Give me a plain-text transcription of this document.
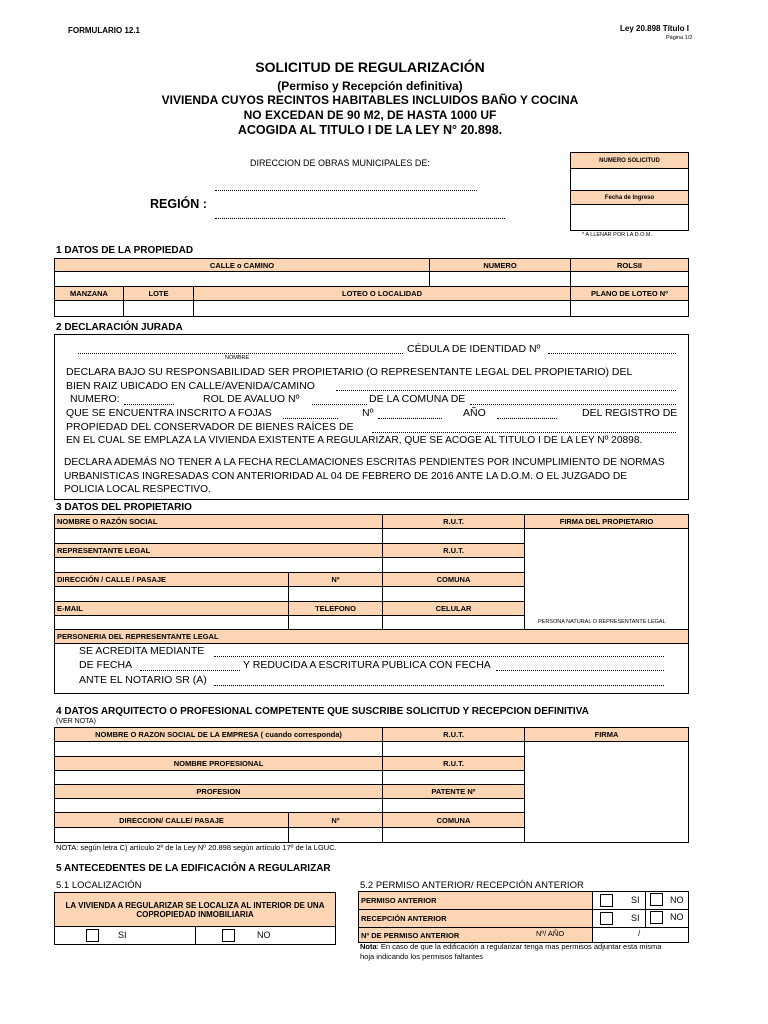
FORMULARIO 12.1	Ley 20.898 Título I
Página 1/2
SOLICITUD DE REGULARIZACIÓN
(Permiso y Recepción definitiva)
VIVIENDA CUYOS RECINTOS HABITABLES INCLUIDOS BAÑO Y COCINA
NO EXCEDAN DE 90 M2, DE HASTA 1000 UF
ACOGIDA AL TITULO I DE LA LEY N° 20.898.
DIRECCION DE OBRAS MUNICIPALES DE:
REGIÓN :
NUMERO SOLICITUD
Fecha de Ingreso
* A LLENAR POR LA D.O.M.
1 DATOS DE LA PROPIEDAD
CALLE o CAMINO	NUMERO	ROLSII
MANZANA	LOTE	LOTEO O LOCALIDAD	PLANO DE LOTEO Nº
2 DECLARACIÓN JURADA
NOMBRE
CÉDULA DE IDENTIDAD Nº
DECLARA BAJO SU RESPONSABILIDAD SER PROPIETARIO (O REPRESENTANTE LEGAL DEL PROPIETARIO) DEL
BIEN RAIZ UBICADO EN CALLE/AVENIDA/CAMINO
NUMERO:	ROL DE AVALUO Nº	DE LA COMUNA DE
QUE SE ENCUENTRA INSCRITO A FOJAS	Nº	AÑO	DEL REGISTRO DE
PROPIEDAD DEL CONSERVADOR DE BIENES RAÍCES DE
EN EL CUAL SE EMPLAZA LA VIVIENDA EXISTENTE A REGULARIZAR, QUE SE ACOGE AL TITULO I DE LA LEY Nº 20898.
DECLARA ADEMÁS NO TENER A LA FECHA RECLAMACIONES ESCRITAS PENDIENTES POR INCUMPLIMIENTO DE NORMAS
URBANISTICAS INGRESADAS CON ANTERIORIDAD AL 04 DE FEBRERO DE 2016 ANTE LA D.O.M. O EL JUZGADO DE
POLICIA LOCAL RESPECTIVO.
3 DATOS DEL PROPIETARIO
NOMBRE O RAZÓN SOCIAL	R.U.T.	FIRMA DEL PROPIETARIO
PERSONA NATURAL O REPRESENTANTE LEGAL
REPRESENTANTE LEGAL	R.U.T.
DIRECCIÓN / CALLE / PASAJE	Nº	COMUNA
E-MAIL	TELEFONO	CELULAR
PERSONERIA DEL REPRESENTANTE LEGAL
SE ACREDITA MEDIANTE
DE FECHA	Y REDUCIDA A ESCRITURA PUBLICA CON FECHA
ANTE EL NOTARIO SR (A)
4 DATOS ARQUITECTO O PROFESIONAL COMPETENTE QUE SUSCRIBE SOLICITUD Y RECEPCION DEFINITIVA
(VER NOTA)
NOMBRE O RAZON SOCIAL DE LA EMPRESA ( cuando corresponda)	R.U.T.	FIRMA
NOMBRE PROFESIONAL	R.U.T.
PROFESION	PATENTE Nº
DIRECCION/ CALLE/ PASAJE	Nº	COMUNA
NOTA: según letra C) artículo 2º de la Ley Nº 20.898 según artículo 17º de la LGUC.
5 ANTECEDENTES DE LA EDIFICACIÓN A REGULARIZAR
5.1 LOCALIZACIÓN	5.2 PERMISO ANTERIOR/ RECEPCIÓN ANTERIOR
LA VIVIENDA A REGULARIZAR SE LOCALIZA AL INTERIOR DE UNA COPROPIEDAD INMOBILIARIA
SI	NO
PERMISO ANTERIOR	SI	NO
RECEPCIÓN ANTERIOR	SI	NO
Nº DE PERMISO ANTERIOR	Nº/ AÑO	/
Nota: En caso de que la edificación a regularizar tenga mas permisos adjuntar esta misma
hoja indicando los permisos faltantes
